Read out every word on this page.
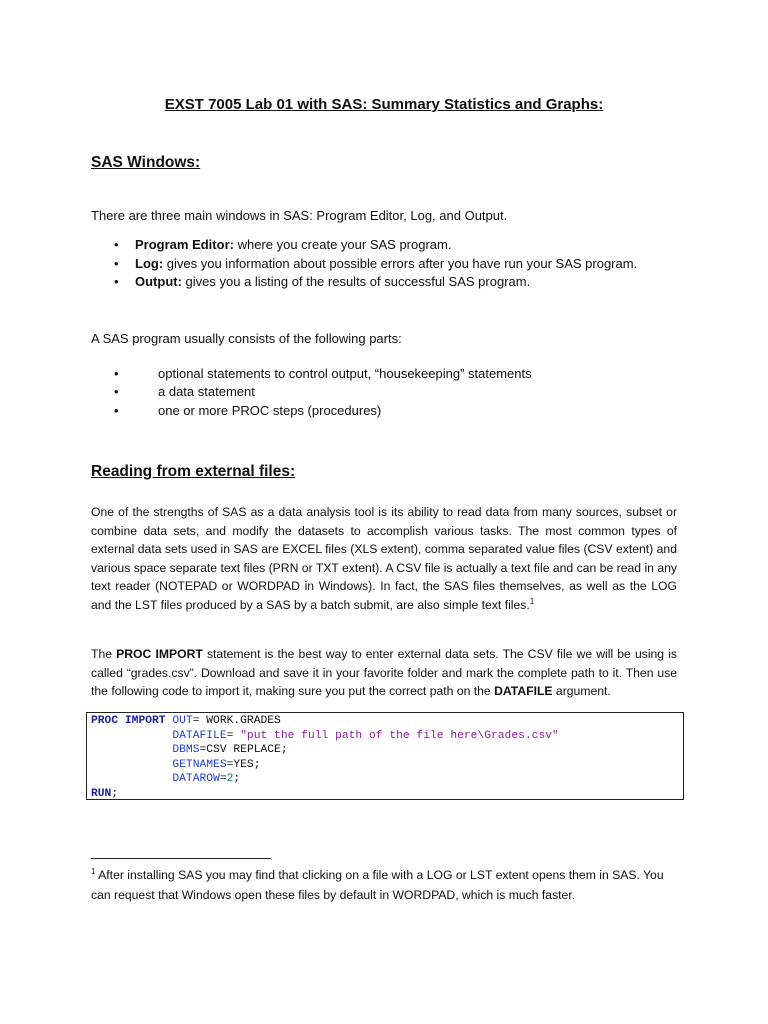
EXST 7005 Lab 01 with SAS: Summary Statistics and Graphs:
SAS Windows:
There are three main windows in SAS: Program Editor, Log, and Output.
• Program Editor: where you create your SAS program.
• Log: gives you information about possible errors after you have run your SAS program.
• Output: gives you a listing of the results of successful SAS program.
A SAS program usually consists of the following parts:
•	optional statements to control output, “housekeeping” statements
•	a data statement
•	one or more PROC steps (procedures)
Reading from external files:

One of the strengths of SAS as a data analysis tool is its ability to read data from many sources, subset or combine data sets, and modify the datasets to accomplish various tasks. The most common types of external data sets used in SAS are EXCEL files (XLS extent), comma separated value files (CSV extent) and various space separate text files (PRN or TXT extent). A CSV file is actually a text file and can be read in any text reader (NOTEPAD or WORDPAD in Windows). In fact, the SAS files themselves, as well as the LOG and the LST files produced by a SAS by a batch submit, are also simple text files.$^1$

The PROC IMPORT statement is the best way to enter external data sets. The CSV file we will be using is called “grades.csv”. Download and save it in your favorite folder and mark the complete path to it. Then use the following code to import it, making sure you put the correct path on the DATAFILE argument.

PROC IMPORT OUT= WORK.GRADES
DATAFILE= "put the full path of the file here\Grades.csv"
DBMS=CSV REPLACE;
GETNAMES=YES;
DATAROW=2;
RUN;
$^1$ After installing SAS you may find that clicking on a file with a LOG or LST extent opens them in SAS. You can request that Windows open these files by default in WORDPAD, which is much faster.
